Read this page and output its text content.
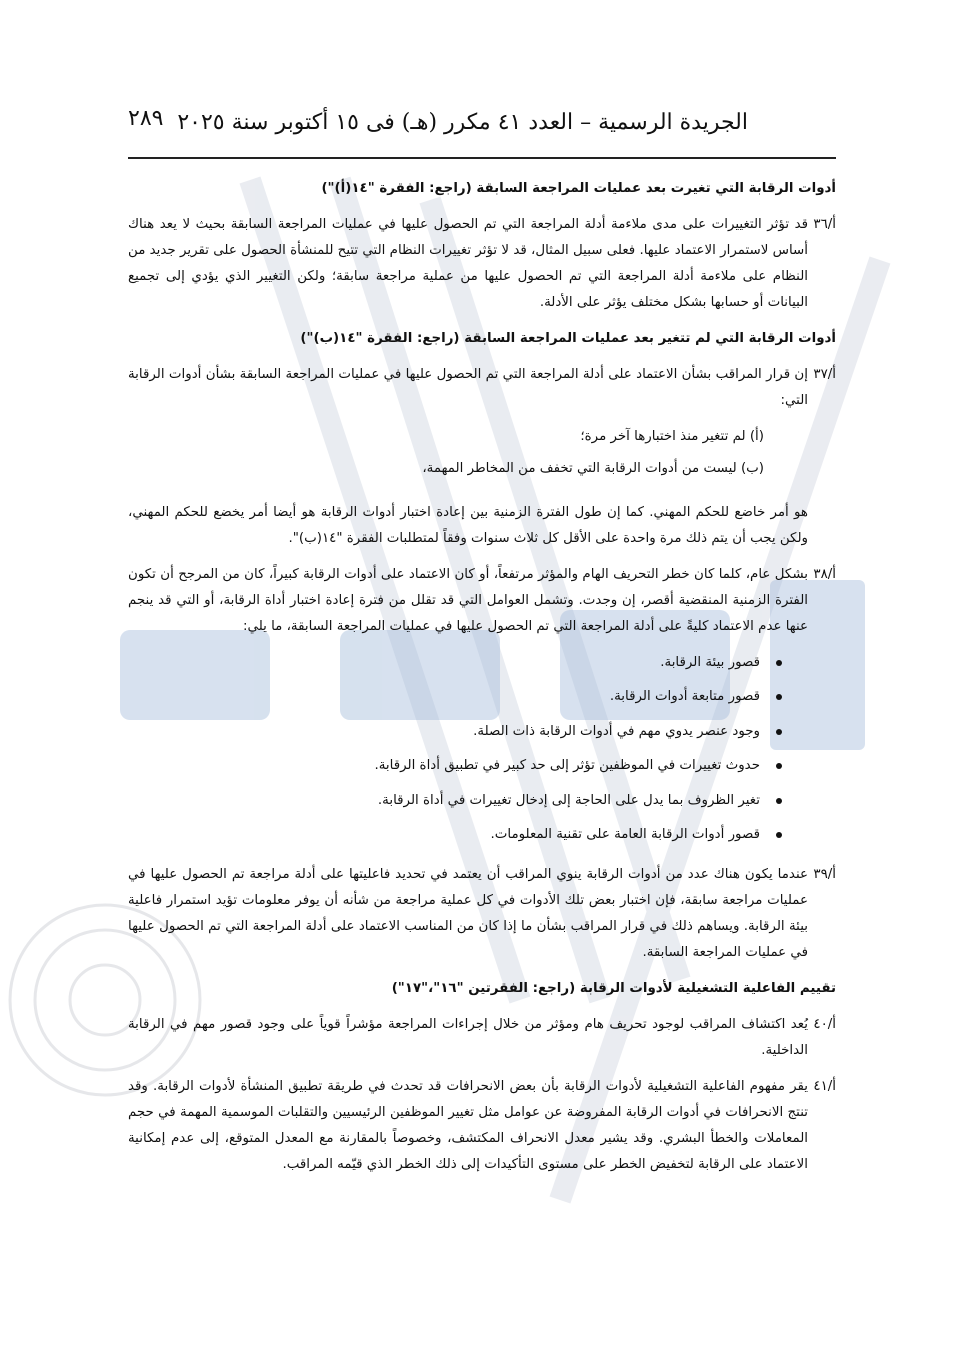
الجريدة الرسمية – العدد ٤١ مكرر (هـ) فى ١٥ أكتوبر سنة ٢٠٢٥
٢٨٩

أدوات الرقابة التي تغيرت بعد عمليات المراجعة السابقة (راجع: الفقرة "١٤(أ)")

أ/٣٦
قد تؤثر التغييرات على مدى ملاءمة أدلة المراجعة التي تم الحصول عليها في عمليات المراجعة السابقة بحيث لا يعد هناك أساس لاستمرار الاعتماد عليها. فعلى سبيل المثال، قد لا تؤثر تغييرات النظام التي تتيح للمنشأة الحصول على تقرير جديد من النظام على ملاءمة أدلة المراجعة التي تم الحصول عليها من عملية مراجعة سابقة؛ ولكن التغيير الذي يؤدي إلى تجميع البيانات أو حسابها بشكل مختلف يؤثر على الأدلة.

أدوات الرقابة التي لم تتغير بعد عمليات المراجعة السابقة (راجع: الفقرة "١٤(ب)")

أ/٣٧
إن قرار المراقب بشأن الاعتماد على أدلة المراجعة التي تم الحصول عليها في عمليات المراجعة السابقة بشأن أدوات الرقابة التي:
(أ) لم تتغير منذ اختبارها آخر مرة؛
(ب) ليست من أدوات الرقابة التي تخفف من المخاطر المهمة،

هو أمر خاضع للحكم المهني. كما إن طول الفترة الزمنية بين إعادة اختبار أدوات الرقابة هو أيضا أمر يخضع للحكم المهني، ولكن يجب أن يتم ذلك مرة واحدة على الأقل كل ثلاث سنوات وفقاً لمتطلبات الفقرة "١٤(ب)".

أ/٣٨
بشكل عام، كلما كان خطر التحريف الهام والمؤثر مرتفعاً، أو كان الاعتماد على أدوات الرقابة كبيراً، كان من المرجح أن تكون الفترة الزمنية المنقضية أقصر، إن وجدت. وتشمل العوامل التي قد تقلل من فترة إعادة اختبار أداة الرقابة، أو التي قد ينجم عنها عدم الاعتماد كليةً على أدلة المراجعة التي تم الحصول عليها في عمليات المراجعة السابقة، ما يلي:
قصور بيئة الرقابة.
قصور متابعة أدوات الرقابة.
وجود عنصر يدوي مهم في أدوات الرقابة ذات الصلة.
حدوث تغييرات في الموظفين تؤثر إلى حد كبير في تطبيق أداة الرقابة.
تغير الظروف بما يدل على الحاجة إلى إدخال تغييرات في أداة الرقابة.
قصور أدوات الرقابة العامة على تقنية المعلومات.
أ/٣٩
عندما يكون هناك عدد من أدوات الرقابة ينوي المراقب أن يعتمد في تحديد فاعليتها على أدلة مراجعة تم الحصول عليها في عمليات مراجعة سابقة، فإن اختبار بعض تلك الأدوات في كل عملية مراجعة من شأنه أن يوفر معلومات تؤيد استمرار فاعلية بيئة الرقابة. ويساهم ذلك في قرار المراقب بشأن ما إذا كان من المناسب الاعتماد على أدلة المراجعة التي تم الحصول عليها في عمليات المراجعة السابقة.

تقييم الفاعلية التشغيلية لأدوات الرقابة (راجع: الفقرتين "١٦"،"١٧")

أ/٤٠
يُعد اكتشاف المراقب لوجود تحريف هام ومؤثر من خلال إجراءات المراجعة مؤشراً قوياً على وجود قصور مهم في الرقابة الداخلية.
أ/٤١
يقر مفهوم الفاعلية التشغيلية لأدوات الرقابة بأن بعض الانحرافات قد تحدث في طريقة تطبيق المنشأة لأدوات الرقابة. وقد تنتج الانحرافات في أدوات الرقابة المفروضة عن عوامل مثل تغيير الموظفين الرئيسيين والتقلبات الموسمية المهمة في حجم المعاملات والخطأ البشري. وقد يشير معدل الانحراف المكتشف، وخصوصاً بالمقارنة مع المعدل المتوقع، إلى عدم إمكانية الاعتماد على الرقابة لتخفيض الخطر على مستوى التأكيدات إلى ذلك الخطر الذي قيّمه المراقب.
